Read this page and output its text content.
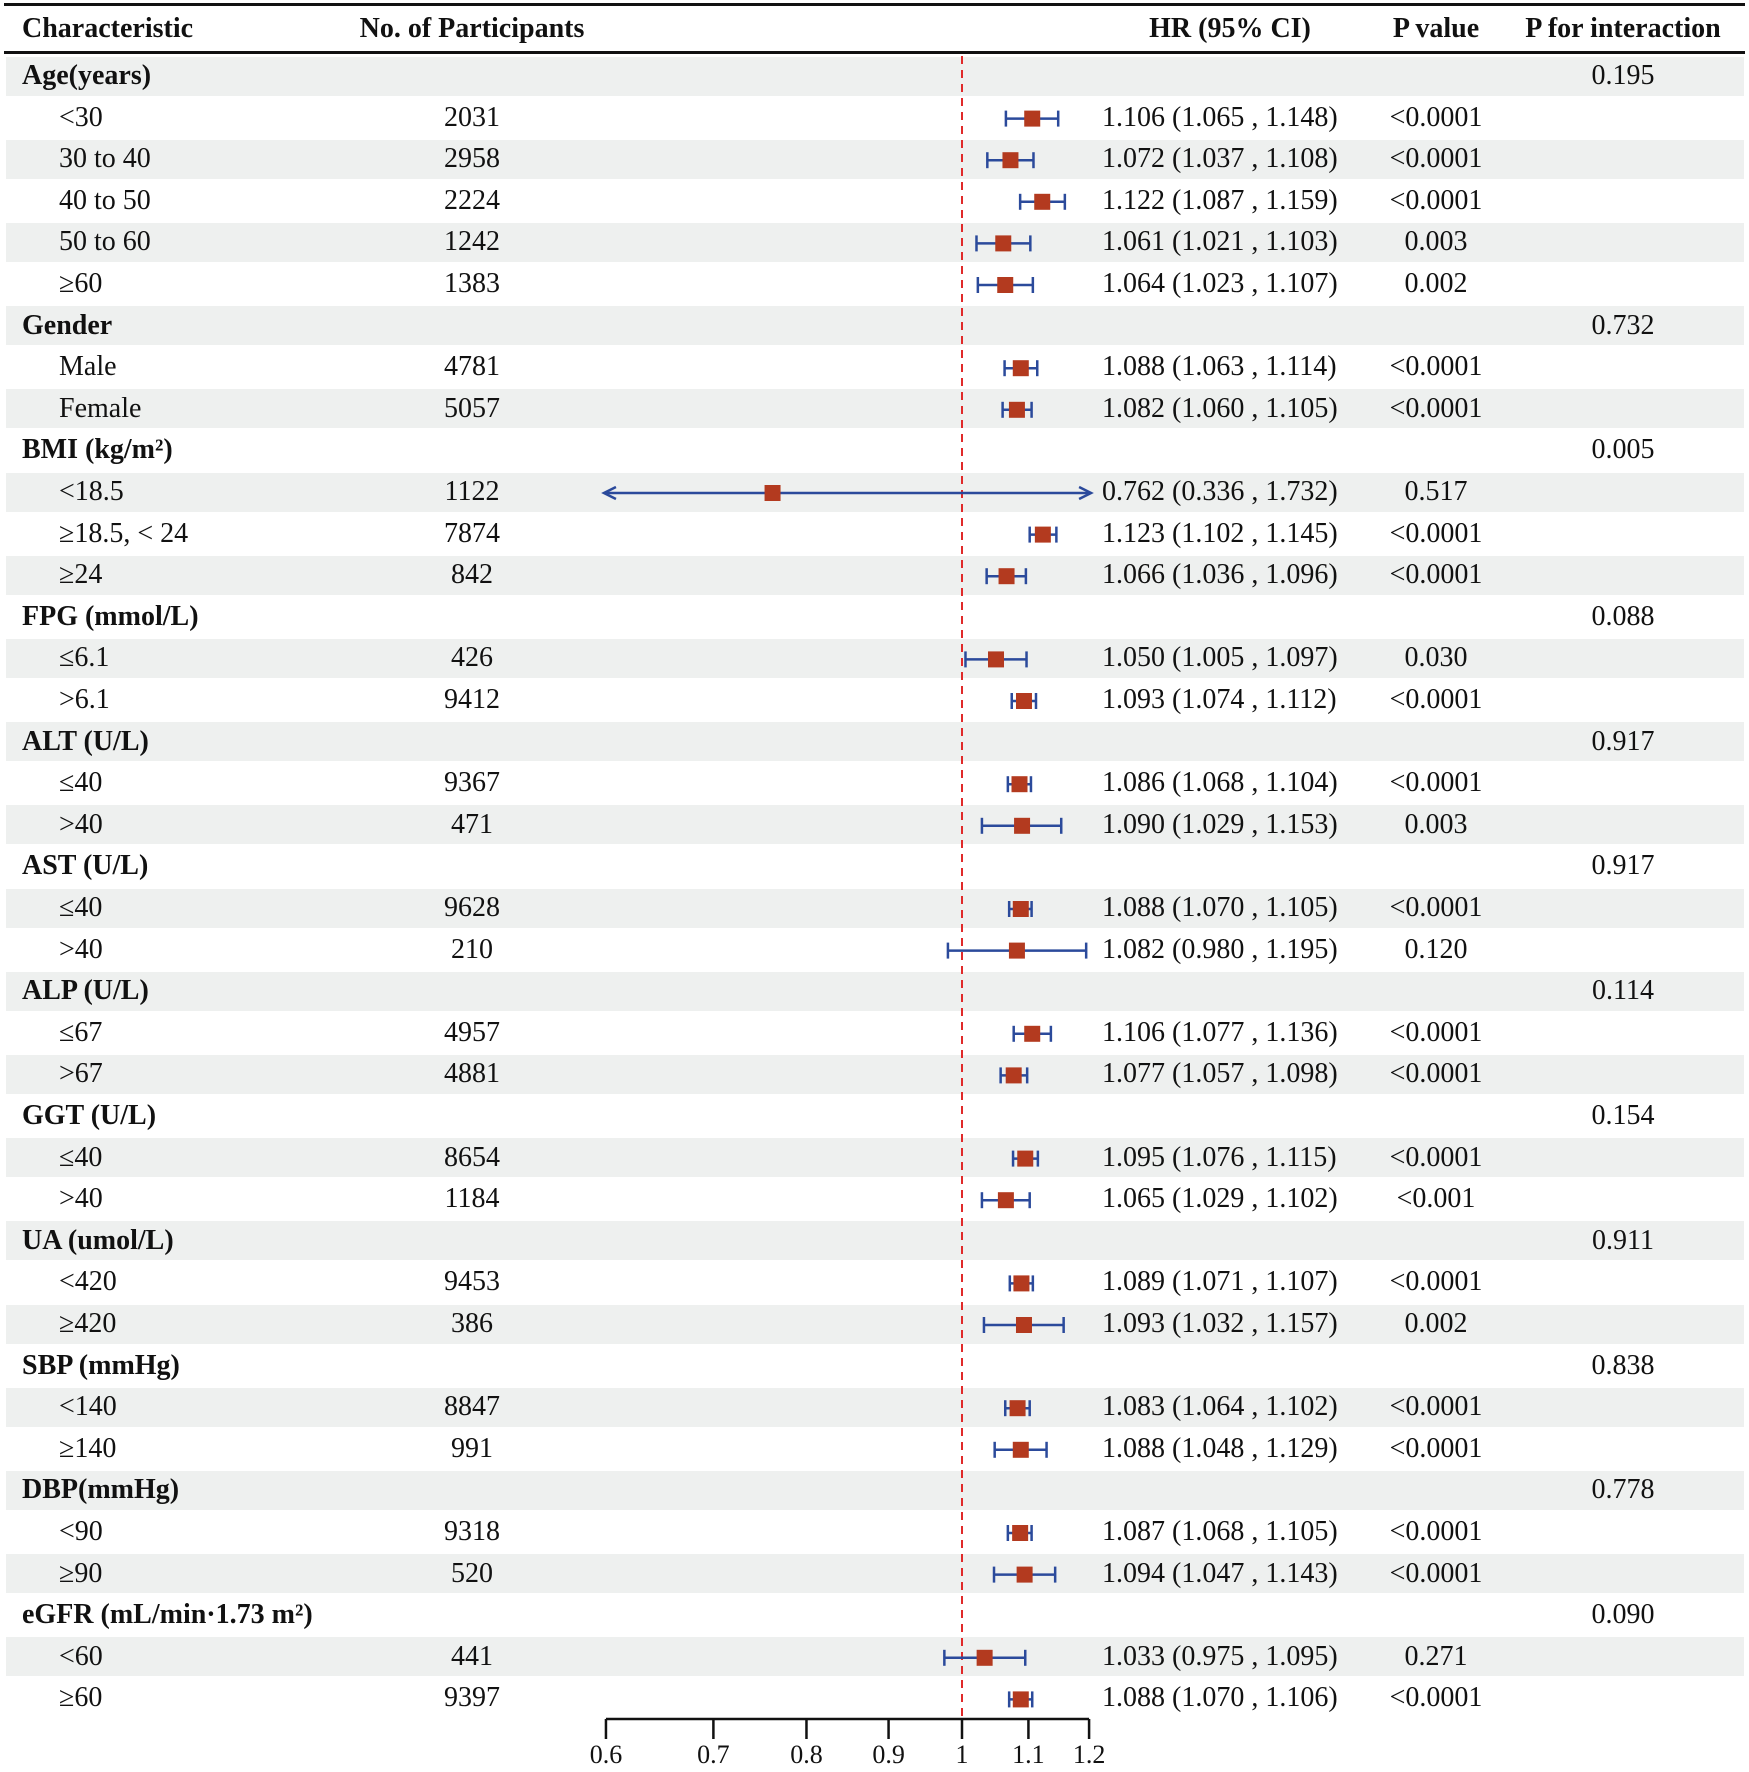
Characteristic	No. of Participants	HR (95% CI)	P value P for interaction
Age(years)	0.195
<30	2031	1.106 (1.065 , 1.148) <0.0001
30 to 40	2958	1.072 (1.037 , 1.108) <0.0001
40 to 50	2224	1.122 (1.087 , 1.159) <0.0001
50 to 60	1242	1.061 (1.021 , 1.103) 0.003
≥60	1383	1.064 (1.023 , 1.107) 0.002
Gender	0.732
Male	4781	1.088 (1.063 , 1.114) <0.0001
Female	5057	1.082 (1.060 , 1.105) <0.0001
BMI (kg/m²)	0.005
<18.5	1122	0.762 (0.336 , 1.732) 0.517
≥18.5, < 24	7874	1.123 (1.102 , 1.145) <0.0001
≥24	842	1.066 (1.036 , 1.096) <0.0001
FPG (mmol/L)	0.088
≤6.1	426	1.050 (1.005 , 1.097) 0.030
>6.1	9412	1.093 (1.074 , 1.112) <0.0001
ALT (U/L)	0.917
≤40	9367	1.086 (1.068 , 1.104) <0.0001
>40	471	1.090 (1.029 , 1.153) 0.003
AST (U/L)	0.917
≤40	9628	1.088 (1.070 , 1.105) <0.0001
>40	210	1.082 (0.980 , 1.195) 0.120
ALP (U/L)	0.114
≤67	4957	1.106 (1.077 , 1.136) <0.0001
>67	4881	1.077 (1.057 , 1.098) <0.0001
GGT (U/L)	0.154
≤40	8654	1.095 (1.076 , 1.115) <0.0001
>40	1184	1.065 (1.029 , 1.102) <0.001
UA (umol/L)	0.911
<420	9453	1.089 (1.071 , 1.107) <0.0001
≥420	386	1.093 (1.032 , 1.157) 0.002
SBP (mmHg)	0.838
<140	8847	1.083 (1.064 , 1.102) <0.0001
≥140	991	1.088 (1.048 , 1.129) <0.0001
DBP(mmHg)	0.778
<90	9318	1.087 (1.068 , 1.105) <0.0001
≥90	520	1.094 (1.047 , 1.143) <0.0001
eGFR (mL/min·1.73 m²)	0.090
<60	441	1.033 (0.975 , 1.095) 0.271
≥60	9397	1.088 (1.070 , 1.106) <0.0001
0.6	0.7 0.8 0.9 1 1.1 1.2
